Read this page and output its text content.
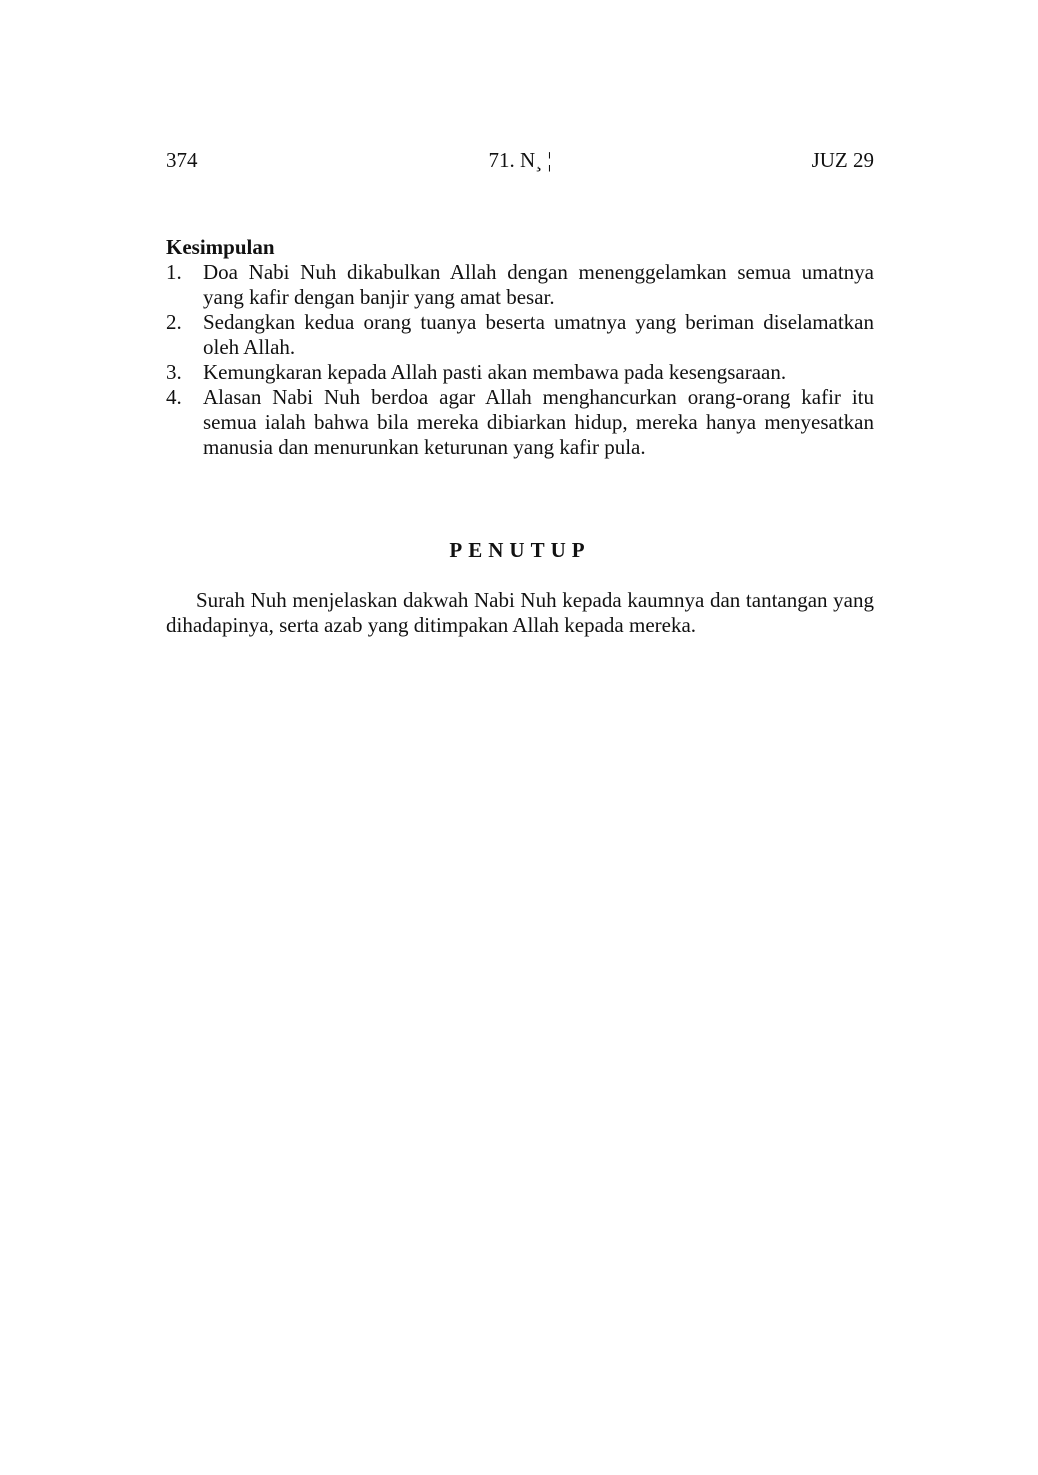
374	71. N¸ ¦	JUZ 29
Kesimpulan
1. Doa Nabi Nuh dikabulkan Allah dengan menenggelamkan semua umatnya yang kafir dengan banjir yang amat besar.
2. Sedangkan kedua orang tuanya beserta umatnya yang beriman diselamatkan oleh Allah.
3. Kemungkaran kepada Allah pasti akan membawa pada kesengsaraan.
4. Alasan Nabi Nuh berdoa agar Allah menghancurkan orang-orang kafir itu semua ialah bahwa bila mereka dibiarkan hidup, mereka hanya menyesatkan manusia dan menurunkan keturunan yang kafir pula.
PENUTUP

Surah Nuh menjelaskan dakwah Nabi Nuh kepada kaumnya dan tantangan yang dihadapinya, serta azab yang ditimpakan Allah kepada mereka.
